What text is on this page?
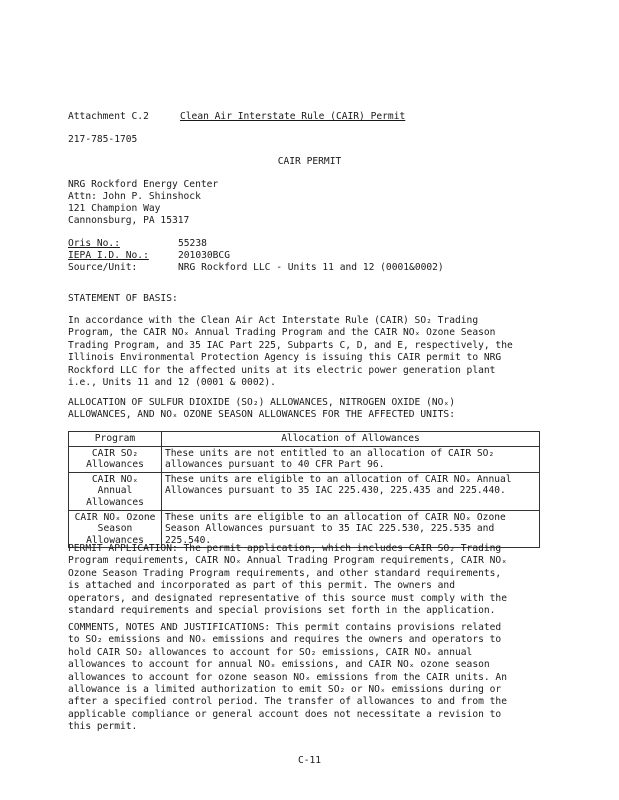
Attachment C.2	Clean Air Interstate Rule (CAIR) Permit
217-785-1705
CAIR PERMIT
NRG Rockford Energy Center
Attn: John P. Shinshock
121 Champion Way
Cannonsburg, PA 15317
Oris No.:	55238
IEPA I.D. No.:	201030BCG
Source/Unit:	NRG Rockford LLC - Units 11 and 12 (0001&0002)
STATEMENT OF BASIS:
In accordance with the Clean Air Act Interstate Rule (CAIR) SO₂ Trading
Program, the CAIR NOₓ Annual Trading Program and the CAIR NOₓ Ozone Season
Trading Program, and 35 IAC Part 225, Subparts C, D, and E, respectively, the
Illinois Environmental Protection Agency is issuing this CAIR permit to NRG
Rockford LLC for the affected units at its electric power generation plant
i.e., Units 11 and 12 (0001 & 0002).
ALLOCATION OF SULFUR DIOXIDE (SO₂) ALLOWANCES, NITROGEN OXIDE (NOₓ)
ALLOWANCES, AND NOₓ OZONE SEASON ALLOWANCES FOR THE AFFECTED UNITS:
Program	Allocation of Allowances
CAIR SO₂
Allowances	These units are not entitled to an allocation of CAIR SO₂
allowances pursuant to 40 CFR Part 96.
CAIR NOₓ Annual
Allowances	These units are eligible to an allocation of CAIR NOₓ Annual
Allowances pursuant to 35 IAC 225.430, 225.435 and 225.440.
CAIR NOₓ Ozone
Season
Allowances	These units are eligible to an allocation of CAIR NOₓ Ozone
Season Allowances pursuant to 35 IAC 225.530, 225.535 and
225.540.
PERMIT APPLICATION: The permit application, which includes CAIR SO₂ Trading
Program requirements, CAIR NOₓ Annual Trading Program requirements, CAIR NOₓ
Ozone Season Trading Program requirements, and other standard requirements,
is attached and incorporated as part of this permit. The owners and
operators, and designated representative of this source must comply with the
standard requirements and special provisions set forth in the application.
COMMENTS, NOTES AND JUSTIFICATIONS: This permit contains provisions related
to SO₂ emissions and NOₓ emissions and requires the owners and operators to
hold CAIR SO₂ allowances to account for SO₂ emissions, CAIR NOₓ annual
allowances to account for annual NOₓ emissions, and CAIR NOₓ ozone season
allowances to account for ozone season NOₓ emissions from the CAIR units. An
allowance is a limited authorization to emit SO₂ or NOₓ emissions during or
after a specified control period. The transfer of allowances to and from the
applicable compliance or general account does not necessitate a revision to
this permit.
C-11
